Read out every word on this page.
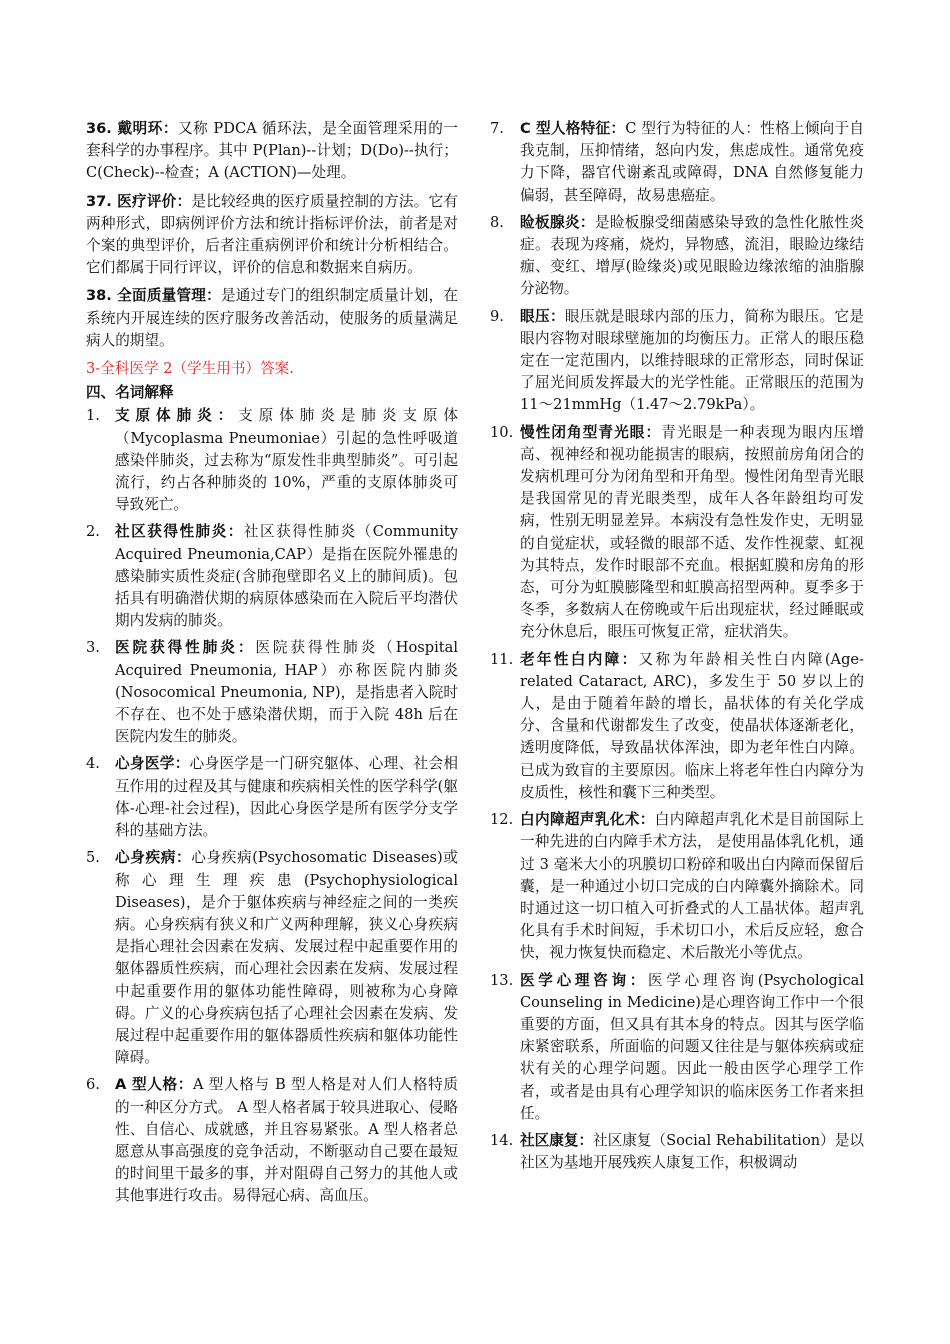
36. 戴明环：又称 PDCA 循环法，是全面管理采用的一套科学的办事程序。其中 P(Plan)--计划；D(Do)--执行；C(Check)--检查；A (ACTION)—处理。

37. 医疗评价：是比较经典的医疗质量控制的方法。它有两种形式，即病例评价方法和统计指标评价法，前者是对个案的典型评价，后者注重病例评价和统计分析相结合。它们都属于同行评议，评价的信息和数据来自病历。

38. 全面质量管理：是通过专门的组织制定质量计划，在系统内开展连续的医疗服务改善活动，使服务的质量满足病人的期望。

3-全科医学 2（学生用书）答案.

四、名词解释

1. 支原体肺炎：支原体肺炎是肺炎支原体（Mycoplasma Pneumoniae）引起的急性呼吸道感染伴肺炎，过去称为“原发性非典型肺炎”。可引起流行，约占各种肺炎的 10%，严重的支原体肺炎可导致死亡。
2. 社区获得性肺炎：社区获得性肺炎（Community Acquired Pneumonia,CAP）是指在医院外罹患的感染肺实质性炎症(含肺孢壁即名义上的肺间质)。包括具有明确潜伏期的病原体感染而在入院后平均潜伏期内发病的肺炎。
3. 医院获得性肺炎：医院获得性肺炎（Hospital Acquired Pneumonia, HAP）亦称医院内肺炎(Nosocomical Pneumonia, NP)，是指患者入院时不存在、也不处于感染潜伏期，而于入院 48h 后在医院内发生的肺炎。
4. 心身医学：心身医学是一门研究躯体、心理、社会相互作用的过程及其与健康和疾病相关性的医学科学(躯体-心理-社会过程)，因此心身医学是所有医学分支学科的基础方法。
5. 心身疾病：心身疾病(Psychosomatic Diseases)或称心理生理疾患(Psychophysiological Diseases)，是介于躯体疾病与神经症之间的一类疾病。心身疾病有狭义和广义两种理解，狭义心身疾病是指心理社会因素在发病、发展过程中起重要作用的躯体器质性疾病，而心理社会因素在发病、发展过程中起重要作用的躯体功能性障碍，则被称为心身障碍。广义的心身疾病包括了心理社会因素在发病、发展过程中起重要作用的躯体器质性疾病和躯体功能性障碍。
6. A 型人格：A 型人格与 B 型人格是对人们人格特质的一种区分方式。 A 型人格者属于较具进取心、侵略性、自信心、成就感，并且容易紧张。A 型人格者总愿意从事高强度的竞争活动，不断驱动自己要在最短的时间里干最多的事，并对阻碍自己努力的其他人或其他事进行攻击。易得冠心病、高血压。
7. C 型人格特征：C 型行为特征的人：性格上倾向于自我克制，压抑情绪，怒向内发，焦虑成性。通常免疫力下降，器官代谢紊乱或障碍，DNA 自然修复能力偏弱，甚至障碍，故易患癌症。
8. 睑板腺炎：是睑板腺受细菌感染导致的急性化脓性炎症。表现为疼痛，烧灼，异物感，流泪，眼睑边缘结痂、变红、增厚(睑缘炎)或见眼睑边缘浓缩的油脂腺分泌物。
9. 眼压：眼压就是眼球内部的压力，简称为眼压。它是眼内容物对眼球壁施加的均衡压力。正常人的眼压稳定在一定范围内，以维持眼球的正常形态，同时保证了屈光间质发挥最大的光学性能。正常眼压的范围为 11～21mmHg（1.47～2.79kPa）。
10. 慢性闭角型青光眼：青光眼是一种表现为眼内压增高、视神经和视功能损害的眼病，按照前房角闭合的发病机理可分为闭角型和开角型。慢性闭角型青光眼是我国常见的青光眼类型，成年人各年龄组均可发病，性别无明显差异。本病没有急性发作史，无明显的自觉症状，或轻微的眼部不适、发作性视蒙、虹视为其特点，发作时眼部不充血。根据虹膜和房角的形态，可分为虹膜膨隆型和虹膜高招型两种。夏季多于冬季，多数病人在傍晚或午后出现症状，经过睡眠或充分休息后，眼压可恢复正常，症状消失。
11. 老年性白内障：又称为年龄相关性白内障(Age-related Cataract, ARC)，多发生于 50 岁以上的人，是由于随着年龄的增长，晶状体的有关化学成分、含量和代谢都发生了改变，使晶状体逐渐老化，透明度降低，导致晶状体浑浊，即为老年性白内障。已成为致盲的主要原因。临床上将老年性白内障分为皮质性，核性和囊下三种类型。
12. 白内障超声乳化术：白内障超声乳化术是目前国际上一种先进的白内障手术方法， 是使用晶体乳化机，通过 3 毫米大小的巩膜切口粉碎和吸出白内障而保留后囊，是一种通过小切口完成的白内障囊外摘除术。同时通过这一切口植入可折叠式的人工晶状体。超声乳化具有手术时间短，手术切口小，术后反应轻，愈合快，视力恢复快而稳定、术后散光小等优点。
13. 医学心理咨询：医学心理咨询(Psychological Counseling in Medicine)是心理咨询工作中一个很重要的方面，但又具有其本身的特点。因其与医学临床紧密联系，所面临的问题又往往是与躯体疾病或症状有关的心理学问题。因此一般由医学心理学工作者，或者是由具有心理学知识的临床医务工作者来担任。
14. 社区康复：社区康复（Social Rehabilitation）是以社区为基地开展残疾人康复工作，积极调动
